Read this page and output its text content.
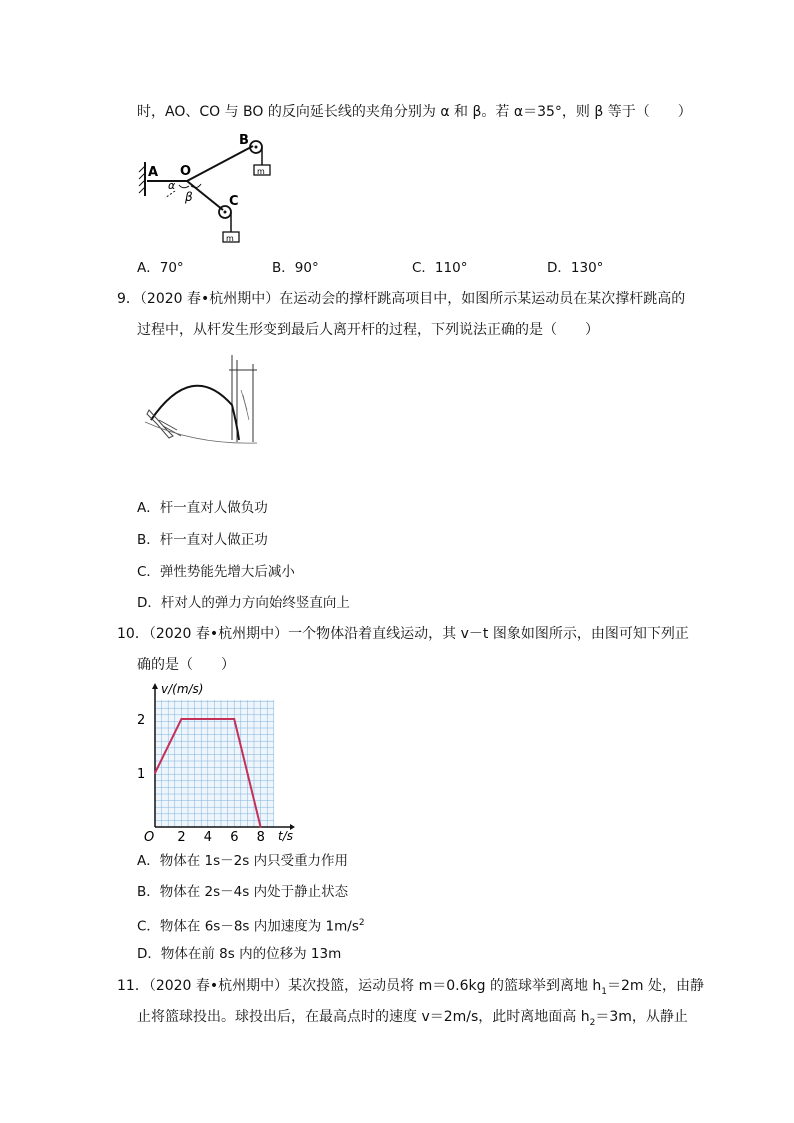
时，AO、CO 与 BO 的反向延长线的夹角分别为 α 和 β。若 α＝35°，则 β 等于（　　）
A O
α
β
B
m
C
m
A．70°	B．90°	C．110°	D．130°
9．（2020 春•杭州期中）在运动会的撑杆跳高项目中，如图所示某运动员在某次撑杆跳高的
过程中，从杆发生形变到最后人离开杆的过程，下列说法正确的是（　　）
A．杆一直对人做负功
B．杆一直对人做正功
C．弹性势能先增大后减小
D．杆对人的弹力方向始终竖直向上
10．（2020 春•杭州期中）一个物体沿着直线运动，其 v－t 图象如图所示，由图可知下列正
确的是（　　）
2 4 6 8
1
2
O	t/s
v/(m/s)
A．物体在 1s－2s 内只受重力作用
B．物体在 2s－4s 内处于静止状态
C．物体在 6s－8s 内加速度为 $1m/s^2$
D．物体在前 8s 内的位移为 13m
11．（2020 春•杭州期中）某次投篮，运动员将 m＝0.6kg 的篮球举到离地 $h_1=2m$ 处，由静
止将篮球投出。球投出后，在最高点时的速度 v＝2m/s，此时离地面高 $h_2=3m$，从静止
